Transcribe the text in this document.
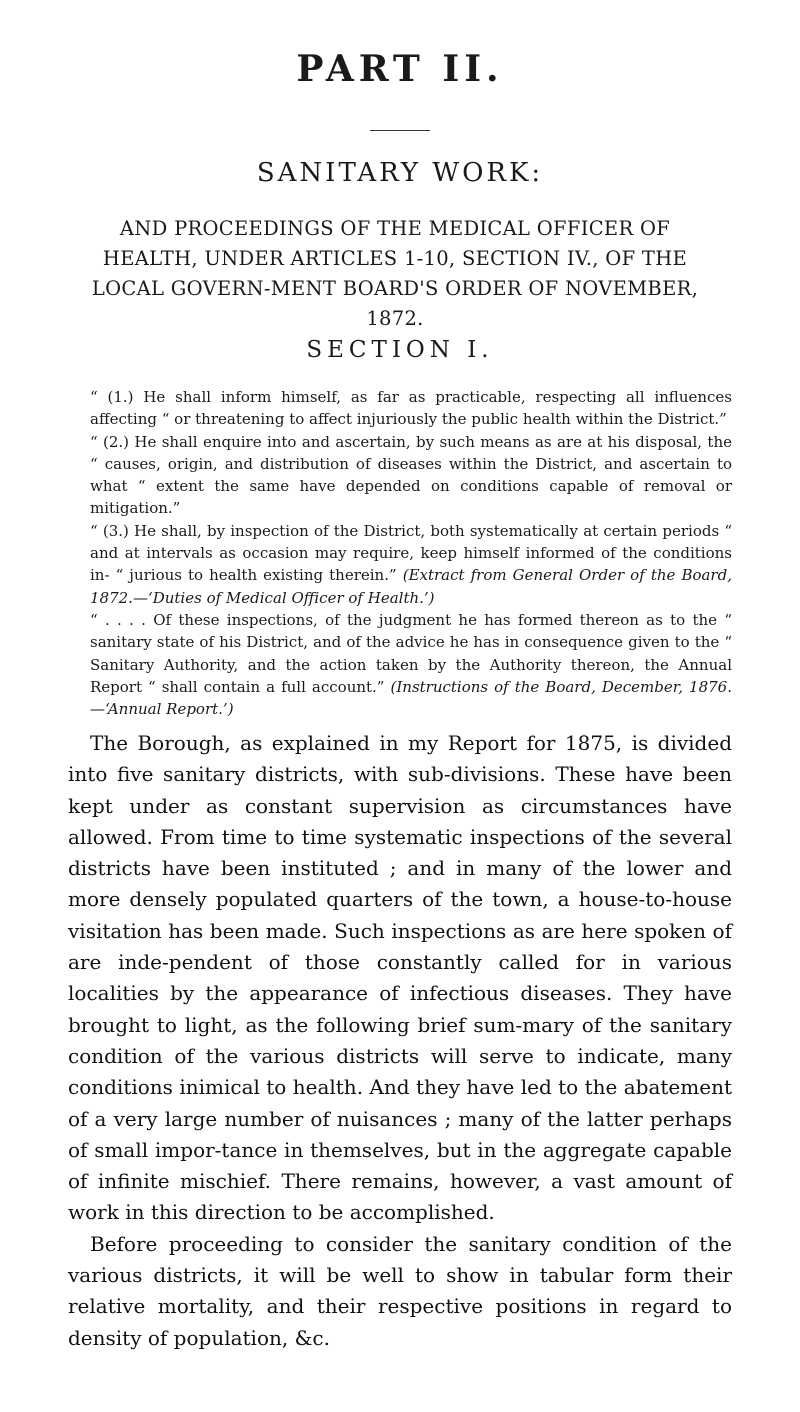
PART II.
SANITARY WORK:
AND PROCEEDINGS OF THE MEDICAL OFFICER OF HEALTH, UNDER ARTICLES 1-10, SECTION IV., OF THE LOCAL GOVERN-MENT BOARD'S ORDER OF NOVEMBER, 1872.
SECTION I.

“ (1.) He shall inform himself, as far as practicable, respecting all influences affecting “ or threatening to affect injuriously the public health within the District.”

“ (2.) He shall enquire into and ascertain, by such means as are at his disposal, the “ causes, origin, and distribution of diseases within the District, and ascertain to what “ extent the same have depended on conditions capable of removal or mitigation.”

“ (3.) He shall, by inspection of the District, both systematically at certain periods “ and at intervals as occasion may require, keep himself informed of the conditions in- “ jurious to health existing therein.” (Extract from General Order of the Board, 1872.—‘Duties of Medical Officer of Health.’)

“ . . . . Of these inspections, of the judgment he has formed thereon as to the “ sanitary state of his District, and of the advice he has in consequence given to the “ Sanitary Authority, and the action taken by the Authority thereon, the Annual Report “ shall contain a full account.” (Instructions of the Board, December, 1876.—‘Annual Report.’)

The Borough, as explained in my Report for 1875, is divided into five sanitary districts, with sub-divisions. These have been kept under as constant supervision as circumstances have allowed. From time to time systematic inspections of the several districts have been instituted ; and in many of the lower and more densely populated quarters of the town, a house-to-house visitation has been made. Such inspections as are here spoken of are inde-pendent of those constantly called for in various localities by the appearance of infectious diseases. They have brought to light, as the following brief sum-mary of the sanitary condition of the various districts will serve to indicate, many conditions inimical to health. And they have led to the abatement of a very large number of nuisances ; many of the latter perhaps of small impor-tance in themselves, but in the aggregate capable of infinite mischief. There remains, however, a vast amount of work in this direction to be accomplished.

Before proceeding to consider the sanitary condition of the various districts, it will be well to show in tabular form their relative mortality, and their respective positions in regard to density of population, &c.
